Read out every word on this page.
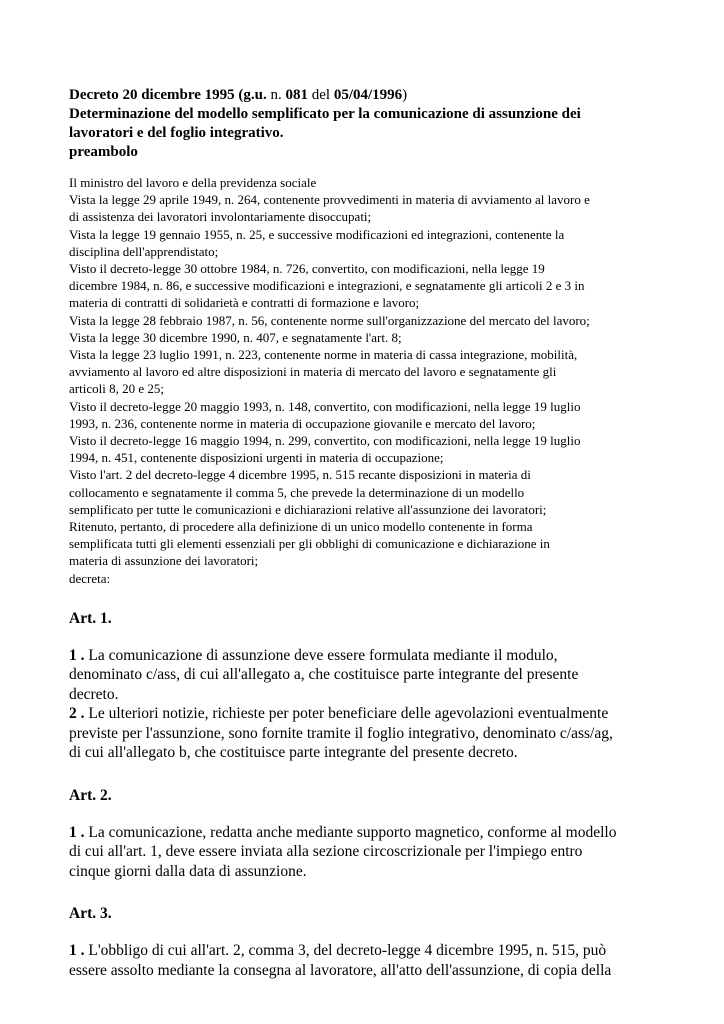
Decreto 20 dicembre 1995 (g.u. n. 081 del 05/04/1996)
Determinazione del modello semplificato per la comunicazione di assunzione dei
lavoratori e del foglio integrativo.
preambolo
Il ministro del lavoro e della previdenza sociale
Vista la legge 29 aprile 1949, n. 264, contenente provvedimenti in materia di avviamento al lavoro e
di assistenza dei lavoratori involontariamente disoccupati;
Vista la legge 19 gennaio 1955, n. 25, e successive modificazioni ed integrazioni, contenente la
disciplina dell'apprendistato;
Visto il decreto-legge 30 ottobre 1984, n. 726, convertito, con modificazioni, nella legge 19
dicembre 1984, n. 86, e successive modificazioni e integrazioni, e segnatamente gli articoli 2 e 3 in
materia di contratti di solidarietà e contratti di formazione e lavoro;
Vista la legge 28 febbraio 1987, n. 56, contenente norme sull'organizzazione del mercato del lavoro;
Vista la legge 30 dicembre 1990, n. 407, e segnatamente l'art. 8;
Vista la legge 23 luglio 1991, n. 223, contenente norme in materia di cassa integrazione, mobilità,
avviamento al lavoro ed altre disposizioni in materia di mercato del lavoro e segnatamente gli
articoli 8, 20 e 25;
Visto il decreto-legge 20 maggio 1993, n. 148, convertito, con modificazioni, nella legge 19 luglio
1993, n. 236, contenente norme in materia di occupazione giovanile e mercato del lavoro;
Visto il decreto-legge 16 maggio 1994, n. 299, convertito, con modificazioni, nella legge 19 luglio
1994, n. 451, contenente disposizioni urgenti in materia di occupazione;
Visto l'art. 2 del decreto-legge 4 dicembre 1995, n. 515 recante disposizioni in materia di
collocamento e segnatamente il comma 5, che prevede la determinazione di un modello
semplificato per tutte le comunicazioni e dichiarazioni relative all'assunzione dei lavoratori;
Ritenuto, pertanto, di procedere alla definizione di un unico modello contenente in forma
semplificata tutti gli elementi essenziali per gli obblighi di comunicazione e dichiarazione in
materia di assunzione dei lavoratori;
decreta:
Art. 1.
1 . La comunicazione di assunzione deve essere formulata mediante il modulo,
denominato c/ass, di cui all'allegato a, che costituisce parte integrante del presente
decreto.
2 . Le ulteriori notizie, richieste per poter beneficiare delle agevolazioni eventualmente
previste per l'assunzione, sono fornite tramite il foglio integrativo, denominato c/ass/ag,
di cui all'allegato b, che costituisce parte integrante del presente decreto.
Art. 2.
1 . La comunicazione, redatta anche mediante supporto magnetico, conforme al modello
di cui all'art. 1, deve essere inviata alla sezione circoscrizionale per l'impiego entro
cinque giorni dalla data di assunzione.
Art. 3.
1 . L'obbligo di cui all'art. 2, comma 3, del decreto-legge 4 dicembre 1995, n. 515, può
essere assolto mediante la consegna al lavoratore, all'atto dell'assunzione, di copia della
